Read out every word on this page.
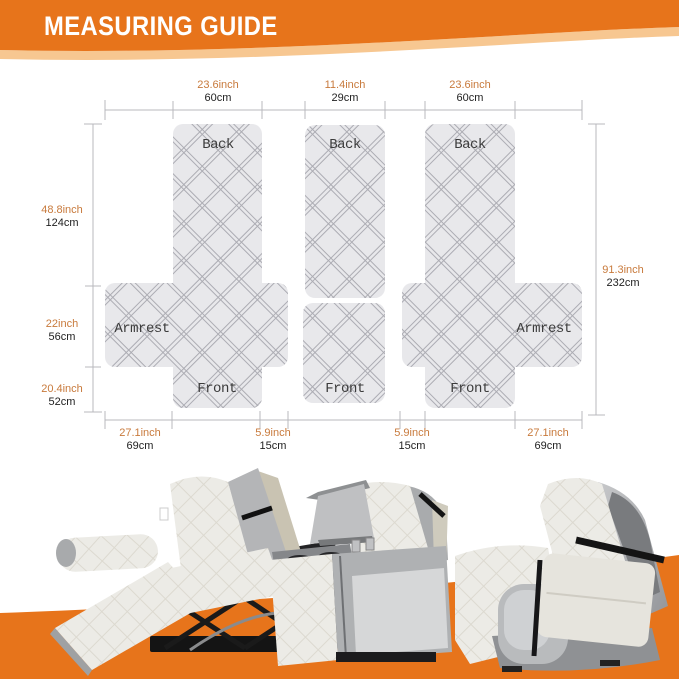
MEASURING GUIDE
Back	Back	Back
Armrest	Armrest
Front	Front	Front
23.6inch
60cm
11.4inch
29cm
23.6inch
60cm
48.8inch
124cm
22inch
56cm
20.4inch
52cm
91.3inch
232cm
27.1inch
69cm
5.9inch
15cm
5.9inch
15cm
27.1inch
69cm
